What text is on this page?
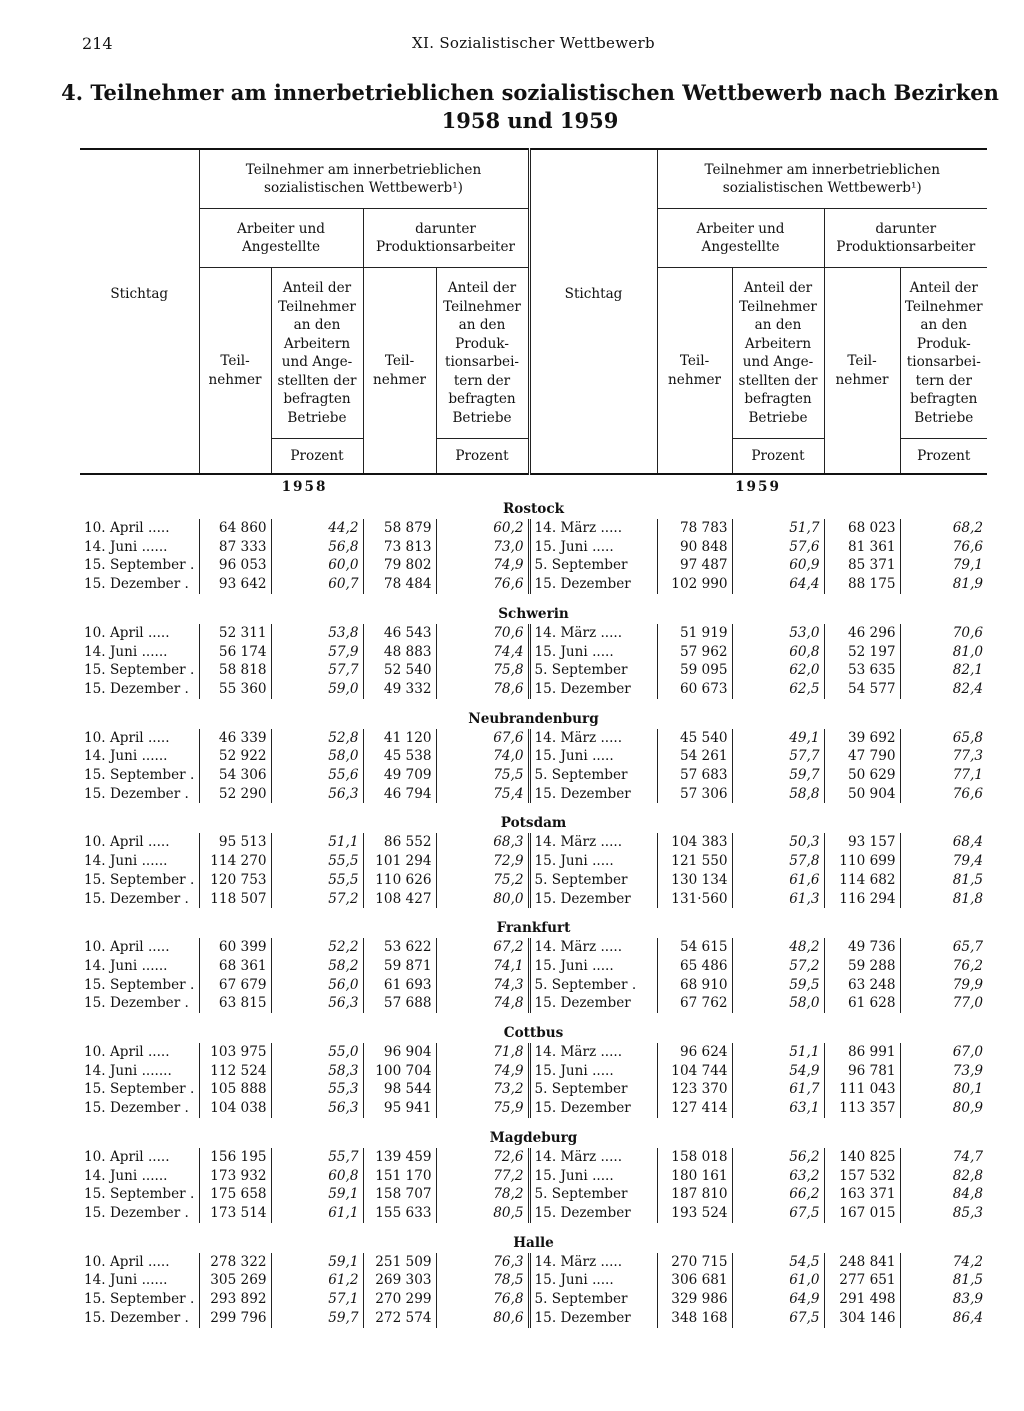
214	XI. Sozialistischer Wettbewerb
4. Teilnehmer am innerbetrieblichen sozialistischen Wettbewerb nach Bezirken
1958 und 1959
Stichtag	Teilnehmer am innerbetrieblichen sozialistischen Wettbewerb¹)				Stichtag	Teilnehmer am innerbetrieblichen sozialistischen Wettbewerb¹)			
	Arbeiter und Angestellte		darunter Produktionsarbeiter			Arbeiter und Angestellte		darunter Produktionsarbeiter	
	Teil- nehmer	Anteil der Teilnehmer an den Arbeitern und Ange- stellten der befragten Betriebe	Teil- nehmer	Anteil der Teilnehmer an den Produk- tionsarbei- tern der befragten Betriebe		Teil- nehmer	Anteil der Teilnehmer an den Arbeitern und Ange- stellten der befragten Betriebe	Teil- nehmer	Anteil der Teilnehmer an den Produk- tionsarbei- tern der befragten Betriebe
		Prozent		Prozent			Prozent		Prozent
1958					1959				
Rostock									
10. April .....	64 860	44,2	58 879	60,2	14. März .....	78 783	51,7	68 023	68,2
14. Juni ......	87 333	56,8	73 813	73,0	15. Juni .....	90 848	57,6	81 361	76,6
15. September .	96 053	60,0	79 802	74,9	5. September	97 487	60,9	85 371	79,1
15. Dezember .	93 642	60,7	78 484	76,6	15. Dezember	102 990	64,4	88 175	81,9

Schwerin									
10. April .....	52 311	53,8	46 543	70,6	14. März .....	51 919	53,0	46 296	70,6
14. Juni ......	56 174	57,9	48 883	74,4	15. Juni .....	57 962	60,8	52 197	81,0
15. September .	58 818	57,7	52 540	75,8	5. September	59 095	62,0	53 635	82,1
15. Dezember .	55 360	59,0	49 332	78,6	15. Dezember	60 673	62,5	54 577	82,4

Neubrandenburg									
10. April .....	46 339	52,8	41 120	67,6	14. März .....	45 540	49,1	39 692	65,8
14. Juni ......	52 922	58,0	45 538	74,0	15. Juni .....	54 261	57,7	47 790	77,3
15. September .	54 306	55,6	49 709	75,5	5. September	57 683	59,7	50 629	77,1
15. Dezember .	52 290	56,3	46 794	75,4	15. Dezember	57 306	58,8	50 904	76,6

Potsdam									
10. April .....	95 513	51,1	86 552	68,3	14. März .....	104 383	50,3	93 157	68,4
14. Juni ......	114 270	55,5	101 294	72,9	15. Juni .....	121 550	57,8	110 699	79,4
15. September .	120 753	55,5	110 626	75,2	5. September	130 134	61,6	114 682	81,5
15. Dezember .	118 507	57,2	108 427	80,0	15. Dezember	131·560	61,3	116 294	81,8

Frankfurt									
10. April .....	60 399	52,2	53 622	67,2	14. März .....	54 615	48,2	49 736	65,7
14. Juni ......	68 361	58,2	59 871	74,1	15. Juni .....	65 486	57,2	59 288	76,2
15. September .	67 679	56,0	61 693	74,3	5. September .	68 910	59,5	63 248	79,9
15. Dezember .	63 815	56,3	57 688	74,8	15. Dezember	67 762	58,0	61 628	77,0

Cottbus									
10. April .....	103 975	55,0	96 904	71,8	14. März .....	96 624	51,1	86 991	67,0
14. Juni .......	112 524	58,3	100 704	74,9	15. Juni .....	104 744	54,9	96 781	73,9
15. September .	105 888	55,3	98 544	73,2	5. September	123 370	61,7	111 043	80,1
15. Dezember .	104 038	56,3	95 941	75,9	15. Dezember	127 414	63,1	113 357	80,9

Magdeburg									
10. April .....	156 195	55,7	139 459	72,6	14. März .....	158 018	56,2	140 825	74,7
14. Juni ......	173 932	60,8	151 170	77,2	15. Juni .....	180 161	63,2	157 532	82,8
15. September .	175 658	59,1	158 707	78,2	5. September	187 810	66,2	163 371	84,8
15. Dezember .	173 514	61,1	155 633	80,5	15. Dezember	193 524	67,5	167 015	85,3

Halle									
10. April .....	278 322	59,1	251 509	76,3	14. März .....	270 715	54,5	248 841	74,2
14. Juni ......	305 269	61,2	269 303	78,5	15. Juni .....	306 681	61,0	277 651	81,5
15. September .	293 892	57,1	270 299	76,8	5. September	329 986	64,9	291 498	83,9
15. Dezember .	299 796	59,7	272 574	80,6	15. Dezember	348 168	67,5	304 146	86,4
